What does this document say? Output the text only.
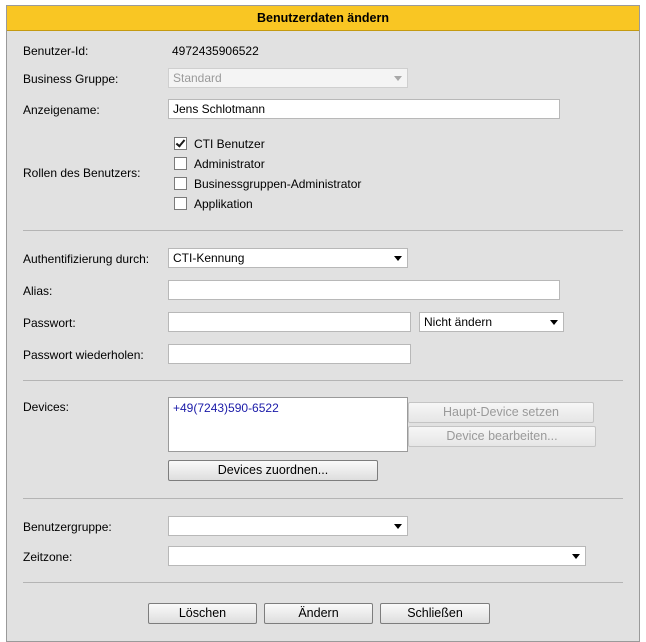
Benutzerdaten ändern
Benutzer-Id:	4972435906522
Business Gruppe:	Standard
Anzeigename:	Jens Schlotmann
Rollen des Benutzers:
CTI Benutzer
Administrator
Businessgruppen-Administrator
Applikation
Authentifizierung durch:	CTI-Kennung
Alias:
Passwort:	Nicht ändern
Passwort wiederholen:
Devices:	+49(7243)590-6522	Haupt-Device setzen
Device bearbeiten...
Devices zuordnen...
Benutzergruppe:
Zeitzone:
Löschen	Ändern	Schließen
